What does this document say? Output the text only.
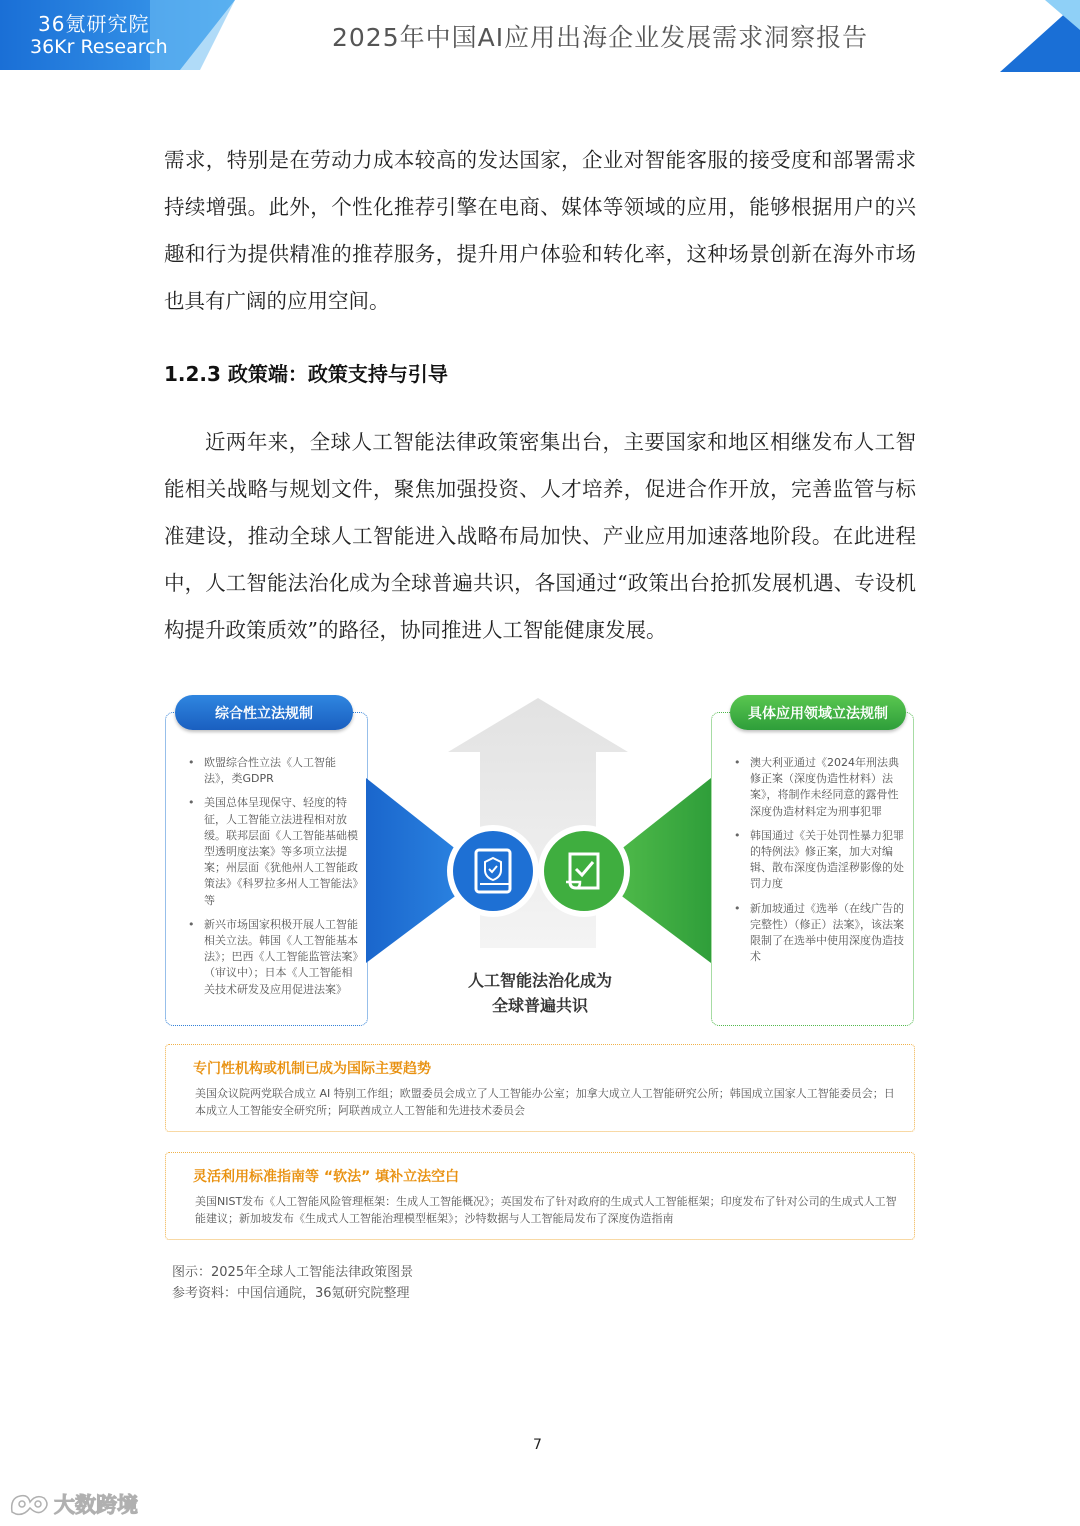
36氪研究院
36Kr Research	2025年中国AI应用出海企业发展需求洞察报告

需求，特别是在劳动力成本较高的发达国家，企业对智能客服的接受度和部署需求持续增强。此外，个性化推荐引擎在电商、媒体等领域的应用，能够根据用户的兴趣和行为提供精准的推荐服务，提升用户体验和转化率，这种场景创新在海外市场也具有广阔的应用空间。

1.2.3 政策端：政策支持与引导

近两年来，全球人工智能法律政策密集出台，主要国家和地区相继发布人工智能相关战略与规划文件，聚焦加强投资、人才培养，促进合作开放，完善监管与标准建设，推动全球人工智能进入战略布局加快、产业应用加速落地阶段。在此进程中，人工智能法治化成为全球普遍共识，各国通过“政策出台抢抓发展机遇、专设机构提升政策质效”的路径，协同推进人工智能健康发展。

• 欧盟综合性立法《人工智能法》，类GDPR
• 美国总体呈现保守、轻度的特征，人工智能立法进程相对放缓。联邦层面《人工智能基础模型透明度法案》等多项立法提案；州层面《犹他州人工智能政策法》《科罗拉多州人工智能法》等
• 新兴市场国家积极开展人工智能相关立法。韩国《人工智能基本法》；巴西《人工智能监管法案》（审议中）；日本《人工智能相关技术研发及应用促进法案》
综合性立法规制
• 澳大利亚通过《2024年刑法典修正案（深度伪造性材料）法案》，将制作未经同意的露骨性深度伪造材料定为刑事犯罪
• 韩国通过《关于处罚性暴力犯罪的特例法》修正案，加大对编辑、散布深度伪造淫秽影像的处罚力度
• 新加坡通过《选举（在线广告的完整性）（修正）法案》，该法案限制了在选举中使用深度伪造技术
具体应用领域立法规制
人工智能法治化成为
全球普遍共识
专门性机构或机制已成为国际主要趋势
美国众议院两党联合成立 AI 特别工作组；欧盟委员会成立了人工智能办公室；加拿大成立人工智能研究公所；韩国成立国家人工智能委员会；日本成立人工智能安全研究所；阿联酋成立人工智能和先进技术委员会
灵活利用标准指南等 “软法” 填补立法空白
美国NIST发布《人工智能风险管理框架：生成人工智能概况》；英国发布了针对政府的生成式人工智能框架；印度发布了针对公司的生成式人工智能建议；新加坡发布《生成式人工智能治理模型框架》；沙特数据与人工智能局发布了深度伪造指南
图示：2025年全球人工智能法律政策图景
参考资料：中国信通院，36氪研究院整理
7
大数跨境
